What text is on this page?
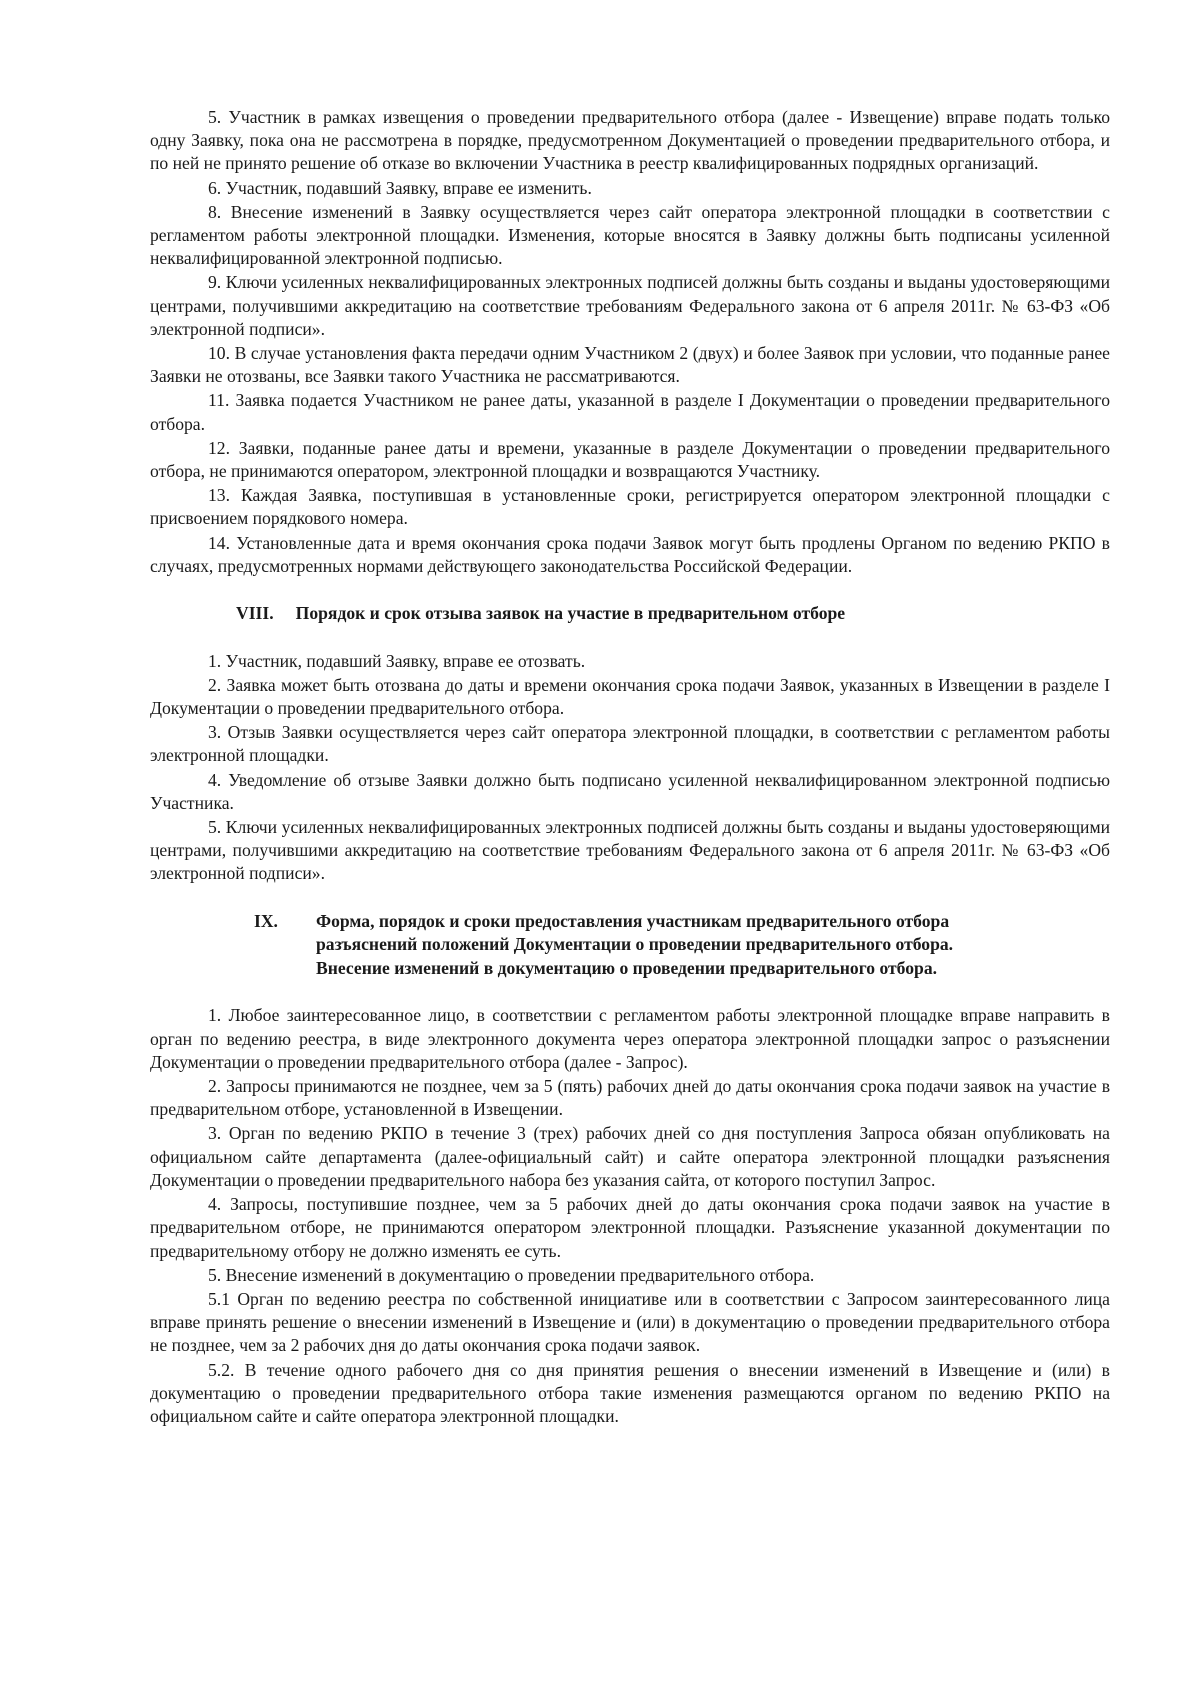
5. Участник в рамках извещения о проведении предварительного отбора (далее - Извещение) вправе подать только одну Заявку, пока она не рассмотрена в порядке, предусмотренном Документацией о проведении предварительного отбора, и по ней не принято решение об отказе во включении Участника в реестр квалифицированных подрядных организаций.

6. Участник, подавший Заявку, вправе ее изменить.

8. Внесение изменений в Заявку осуществляется через сайт оператора электронной площадки в соответствии с регламентом работы электронной площадки. Изменения, которые вносятся в Заявку должны быть подписаны усиленной неквалифицированной электронной подписью.

9. Ключи усиленных неквалифицированных электронных подписей должны быть созданы и выданы удостоверяющими центрами, получившими аккредитацию на соответствие требованиям Федерального закона от 6 апреля 2011г. № 63-ФЗ «Об электронной подписи».

10. В случае установления факта передачи одним Участником 2 (двух) и более Заявок при условии, что поданные ранее Заявки не отозваны, все Заявки такого Участника не рассматриваются.

11. Заявка подается Участником не ранее даты, указанной в разделе I Документации о проведении предварительного отбора.

12. Заявки, поданные ранее даты и времени, указанные в разделе Документации о проведении предварительного отбора, не принимаются оператором, электронной площадки и возвращаются Участнику.

13. Каждая Заявка, поступившая в установленные сроки, регистрируется оператором электронной площадки с присвоением порядкового номера.

14. Установленные дата и время окончания срока подачи Заявок могут быть продлены Органом по ведению РКПО в случаях, предусмотренных нормами действующего законодательства Российской Федерации.

VIII. Порядок и срок отзыва заявок на участие в предварительном отборе

1. Участник, подавший Заявку, вправе ее отозвать.

2. Заявка может быть отозвана до даты и времени окончания срока подачи Заявок, указанных в Извещении в разделе I Документации о проведении предварительного отбора.

3. Отзыв Заявки осуществляется через сайт оператора электронной площадки, в соответствии с регламентом работы электронной площадки.

4. Уведомление об отзыве Заявки должно быть подписано усиленной неквалифицированном электронной подписью Участника.

5. Ключи усиленных неквалифицированных электронных подписей должны быть созданы и выданы удостоверяющими центрами, получившими аккредитацию на соответствие требованиям Федерального закона от 6 апреля 2011г. № 63-ФЗ «Об электронной подписи».

IX. Форма, порядок и сроки предоставления участникам предварительного отбора
разъяснений положений Документации о проведении предварительного отбора.
Внесение изменений в документацию о проведении предварительного отбора.

1. Любое заинтересованное лицо, в соответствии с регламентом работы электронной площадке вправе направить в орган по ведению реестра, в виде электронного документа через оператора электронной площадки запрос о разъяснении Документации о проведении предварительного отбора (далее - Запрос).

2. Запросы принимаются не позднее, чем за 5 (пять) рабочих дней до даты окончания срока подачи заявок на участие в предварительном отборе, установленной в Извещении.

3. Орган по ведению РКПО в течение 3 (трех) рабочих дней со дня поступления Запроса обязан опубликовать на официальном сайте департамента (далее-официальный сайт) и сайте оператора электронной площадки разъяснения Документации о проведении предварительного набора без указания сайта, от которого поступил Запрос.

4. Запросы, поступившие позднее, чем за 5 рабочих дней до даты окончания срока подачи заявок на участие в предварительном отборе, не принимаются оператором электронной площадки. Разъяснение указанной документации по предварительному отбору не должно изменять ее суть.

5. Внесение изменений в документацию о проведении предварительного отбора.

5.1 Орган по ведению реестра по собственной инициативе или в соответствии с Запросом заинтересованного лица вправе принять решение о внесении изменений в Извещение и (или) в документацию о проведении предварительного отбора не позднее, чем за 2 рабочих дня до даты окончания срока подачи заявок.

5.2. В течение одного рабочего дня со дня принятия решения о внесении изменений в Извещение и (или) в документацию о проведении предварительного отбора такие изменения размещаются органом по ведению РКПО на официальном сайте и сайте оператора электронной площадки.
